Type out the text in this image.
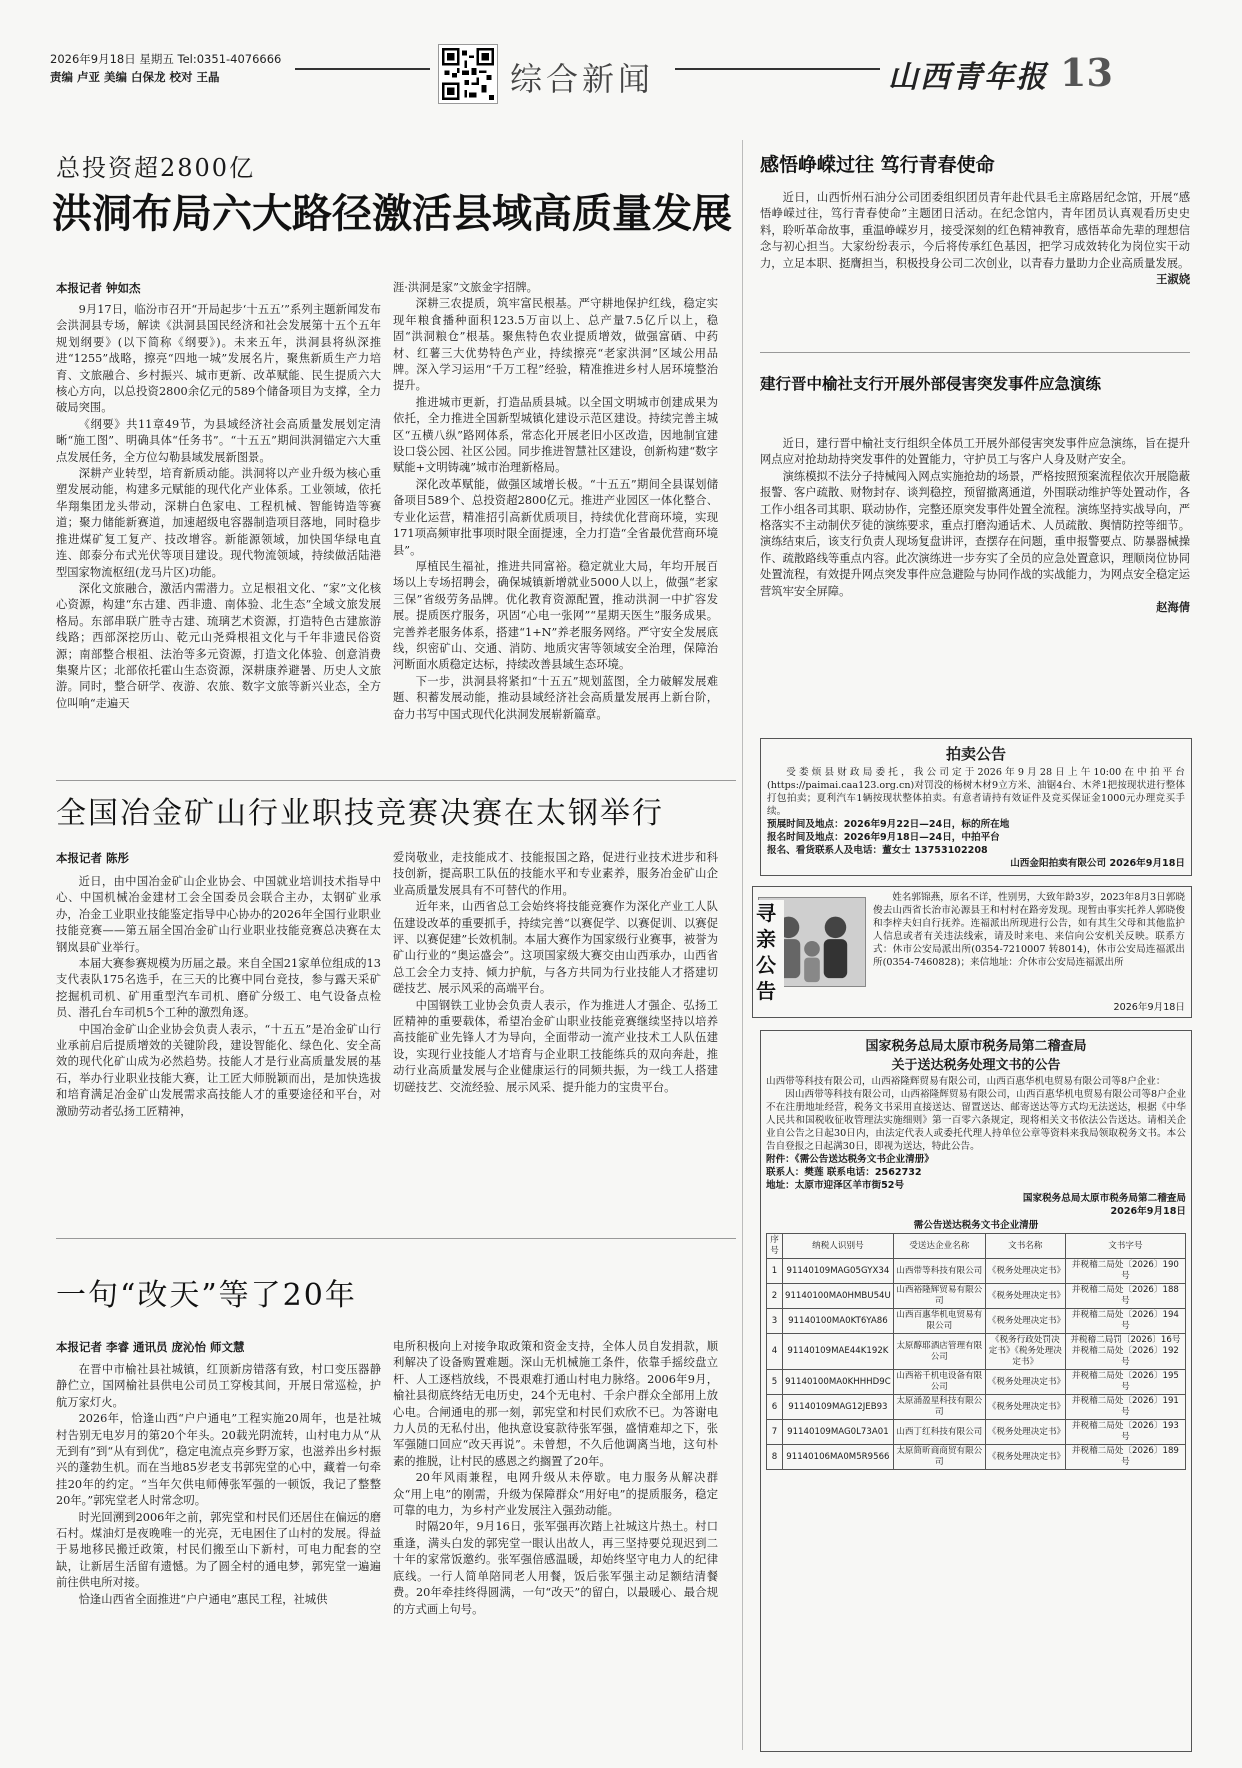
2026年9月18日 星期五 Tel:0351-4076666
责编 卢亚 美编 白保龙 校对 王晶	综合新闻	山西青年报 13
总投资超2800亿
洪洞布局六大路径激活县域高质量发展
本报记者 钟如杰

9月17日，临汾市召开“开局起步‘十五五’”系列主题新闻发布会洪洞县专场，解读《洪洞县国民经济和社会发展第十五个五年规划纲要》(以下简称《纲要》)。未来五年，洪洞县将纵深推进“1255”战略，擦亮“四地一城”发展名片，聚焦新质生产力培育、文旅融合、乡村振兴、城市更新、改革赋能、民生提质六大核心方向，以总投资2800余亿元的589个储备项目为支撑，全力破局突围。

《纲要》共11章49节，为县域经济社会高质量发展划定清晰“施工图”、明确具体“任务书”。“十五五”期间洪洞锚定六大重点发展任务，全方位勾勒县域发展新图景。

深耕产业转型，培育新质动能。洪洞将以产业升级为核心重塑发展动能，构建多元赋能的现代化产业体系。工业领域，依托华翔集团龙头带动，深耕白色家电、工程机械、智能铸造等赛道；聚力储能新赛道，加速超级电容器制造项目落地，同时稳步推进煤矿复工复产、技改增容。新能源领域，加快国华绿电直连、郎泰分布式光伏等项目建设。现代物流领域，持续做活陆港型国家物流枢纽(龙马片区)功能。

深化文旅融合，激活内需潜力。立足根祖文化、“家”文化核心资源，构建“东古建、西非遗、南体验、北生态”全域文旅发展格局。东部串联广胜寺古建、琉璃艺术资源，打造特色古建旅游线路；西部深挖历山、乾元山尧舜根祖文化与千年非遗民俗资源；南部整合根祖、法治等多元资源，打造文化体验、创意消费集聚片区；北部依托霍山生态资源，深耕康养避暑、历史人文旅游。同时，整合研学、夜游、农旅、数字文旅等新兴业态，全方位叫响“走遍天

涯·洪洞是家”文旅金字招牌。

深耕三农提质，筑牢富民根基。严守耕地保护红线，稳定实现年粮食播种面积123.5万亩以上、总产量7.5亿斤以上，稳固“洪洞粮仓”根基。聚焦特色农业提质增效，做强富硒、中药材、红薯三大优势特色产业，持续擦亮“老家洪洞”区域公用品牌。深入学习运用“千万工程”经验，精准推进乡村人居环境整治提升。

推进城市更新，打造品质县城。以全国文明城市创建成果为依托，全力推进全国新型城镇化建设示范区建设。持续完善主城区“五横八纵”路网体系，常态化开展老旧小区改造，因地制宜建设口袋公园、社区公园。同步推进智慧社区建设，创新构建“数字赋能+文明铸魂”城市治理新格局。

深化改革赋能，做强区域增长极。“十五五”期间全县谋划储备项目589个、总投资超2800亿元。推进产业园区一体化整合、专业化运营，精准招引高新优质项目，持续优化营商环境，实现171项高频审批事项时限全面提速，全力打造“全省最优营商环境县”。

厚植民生福祉，推进共同富裕。稳定就业大局，年均开展百场以上专场招聘会，确保城镇新增就业5000人以上，做强“老家三保”省级劳务品牌。优化教育资源配置，推动洪洞一中扩容发展。提质医疗服务，巩固“心电一张网”“星期天医生”服务成果。完善养老服务体系，搭建“1+N”养老服务网络。严守安全发展底线，织密矿山、交通、消防、地质灾害等领域安全治理，保障治河断面水质稳定达标，持续改善县域生态环境。

下一步，洪洞县将紧扣“十五五”规划蓝图，全力破解发展难题、积蓄发展动能，推动县域经济社会高质量发展再上新台阶，奋力书写中国式现代化洪洞发展崭新篇章。

全国冶金矿山行业职技竞赛决赛在太钢举行
本报记者 陈彤

近日，由中国冶金矿山企业协会、中国就业培训技术指导中心、中国机械冶金建材工会全国委员会联合主办，太钢矿业承办，冶金工业职业技能鉴定指导中心协办的2026年全国行业职业技能竞赛——第五届全国冶金矿山行业职业技能竞赛总决赛在太钢岚县矿业举行。

本届大赛参赛规模为历届之最。来自全国21家单位组成的13支代表队175名选手，在三天的比赛中同台竞技，参与露天采矿挖掘机司机、矿用重型汽车司机、磨矿分级工、电气设备点检员、潜孔台车司机5个工种的激烈角逐。

中国冶金矿山企业协会负责人表示，“十五五”是冶金矿山行业承前启后提质增效的关键阶段，建设智能化、绿色化、安全高效的现代化矿山成为必然趋势。技能人才是行业高质量发展的基石，举办行业职业技能大赛，让工匠大师脱颖而出，是加快选拔和培育满足冶金矿山发展需求高技能人才的重要途径和平台，对激励劳动者弘扬工匠精神，

爱岗敬业，走技能成才、技能报国之路，促进行业技术进步和科技创新，提高职工队伍的技能水平和专业素养，服务冶金矿山企业高质量发展具有不可替代的作用。

近年来，山西省总工会始终将技能竞赛作为深化产业工人队伍建设改革的重要抓手，持续完善“以赛促学、以赛促训、以赛促评、以赛促建”长效机制。本届大赛作为国家级行业赛事，被誉为矿山行业的“奥运盛会”。这项国家级大赛交由山西承办，山西省总工会全力支持、倾力护航，与各方共同为行业技能人才搭建切磋技艺、展示风采的高端平台。

中国钢铁工业协会负责人表示，作为推进人才强企、弘扬工匠精神的重要载体，希望冶金矿山职业技能竞赛继续坚持以培养高技能矿业先锋人才为导向，全面带动一流产业技术工人队伍建设，实现行业技能人才培育与企业职工技能练兵的双向奔赴，推动行业高质量发展与企业健康运行的同频共振，为一线工人搭建切磋技艺、交流经验、展示风采、提升能力的宝贵平台。

一句“改天”等了20年
本报记者 李睿 通讯员 庞沁怡 师文慧

在晋中市榆社县社城镇，红顶新房错落有致，村口变压器静静伫立，国网榆社县供电公司员工穿梭其间，开展日常巡检，护航万家灯火。

2026年，恰逢山西“户户通电”工程实施20周年，也是社城村告别无电岁月的第20个年头。20载光阴流转，山村电力从“从无到有”到“从有到优”，稳定电流点亮乡野万家，也滋养出乡村振兴的蓬勃生机。而在当地85岁老支书郭宪堂的心中，藏着一句牵挂20年的约定。“当年欠供电师傅张军强的一顿饭，我记了整整20年。”郭宪堂老人时常念叨。

时光回溯到2006年之前，郭宪堂和村民们还居住在偏远的磨石村。煤油灯是夜晚唯一的光亮，无电困住了山村的发展。得益于易地移民搬迁政策，村民们搬至山下新村，可电力配套的空缺，让新居生活留有遗憾。为了圆全村的通电梦，郭宪堂一遍遍前往供电所对接。

恰逢山西省全面推进“户户通电”惠民工程，社城供

电所积极向上对接争取政策和资金支持，全体人员自发捐款，顺利解决了设备购置难题。深山无机械施工条件，依靠手摇绞盘立杆、人工逐档放线，不畏艰难打通山村电力脉络。2006年9月，榆社县彻底终结无电历史，24个无电村、千余户群众全部用上放心电。合闸通电的那一刻，郭宪堂和村民们欢欣不已。为答谢电力人员的无私付出，他执意设宴款待张军强，盛情难却之下，张军强随口回应“改天再说”。未曾想，不久后他调离当地，这句朴素的推脱，让村民的感恩之约搁置了20年。

20年风雨兼程，电网升级从未停歇。电力服务从解决群众“用上电”的刚需，升级为保障群众“用好电”的提质服务，稳定可靠的电力，为乡村产业发展注入强劲动能。

时隔20年，9月16日，张军强再次踏上社城这片热土。村口重逢，满头白发的郭宪堂一眼认出故人，再三坚持要兑现迟到二十年的家常饭邀约。张军强倍感温暖，却始终坚守电力人的纪律底线。一行人简单陪同老人用餐，饭后张军强主动足额结清餐费。20年牵挂终得圆满，一句“改天”的留白，以最暖心、最合规的方式画上句号。

感悟峥嵘过往 笃行青春使命

近日，山西忻州石油分公司团委组织团员青年赴代县毛主席路居纪念馆，开展“感悟峥嵘过往，笃行青春使命”主题团日活动。在纪念馆内，青年团员认真观看历史史料，聆听革命故事，重温峥嵘岁月，接受深刻的红色精神教育，感悟革命先辈的理想信念与初心担当。大家纷纷表示，今后将传承红色基因，把学习成效转化为岗位实干动力，立足本职、挺膺担当，积极投身公司二次创业，以青春力量助力企业高质量发展。

王淑娆
建行晋中榆社支行开展外部侵害突发事件应急演练

近日，建行晋中榆社支行组织全体员工开展外部侵害突发事件应急演练，旨在提升网点应对抢劫劫持突发事件的处置能力，守护员工与客户人身及财产安全。

演练模拟不法分子持械闯入网点实施抢劫的场景，严格按照预案流程依次开展隐蔽报警、客户疏散、财物封存、谈判稳控，预留撤离通道，外围联动维护等处置动作，各工作小组各司其职、联动协作，完整还原突发事件处置全流程。演练坚持实战导向，严格落实不主动制伏歹徒的演练要求，重点打磨沟通话术、人员疏散、舆情防控等细节。演练结束后，该支行负责人现场复盘讲评，查摆存在问题，重申报警要点、防暴器械操作、疏散路线等重点内容。此次演练进一步夯实了全员的应急处置意识，理顺岗位协同处置流程，有效提升网点突发事件应急避险与协同作战的实战能力，为网点安全稳定运营筑牢安全屏障。

赵海倩
拍卖公告
受娄烦县财政局委托，我公司定于2026年9月28日上午10:00在中拍平台(https://paimai.caa123.org.cn)对罚没的杨树木材9立方米、油锯4台、木斧1把按现状进行整体打包拍卖；夏利汽车1辆按现状整体拍卖。有意者请持有效证件及竞买保证金1000元办理竞买手续。
预展时间及地点：2026年9月22日—24日，标的所在地
报名时间及地点：2026年9月18日—24日，中拍平台
报名、看货联系人及电话：董女士 13753102208
山西金阳拍卖有限公司 2026年9月18日
姓名郭锦燕，原名不详，性别男，大致年龄3岁，2023年8月3日郭晓俊去山西省长治市沁源县王和村村在路旁发现。现暂由事实托养人郭晓俊和李梓夫妇自行抚养。连福派出所现进行公告，如有其生父母和其他监护人信息或者有关违法线索，请及时来电、来信向公安机关反映。联系方式：休市公安局派出所(0354-7210007 转8014)，休市公安局连福派出所(0354-7460828)；来信地址：介休市公安局连福派出所
2026年9月18日
寻亲公告
国家税务总局太原市税务局第二稽查局
关于送达税务处理文书的公告
山西带等科技有限公司，山西裕隆辉贸易有限公司，山西百惠华机电贸易有限公司等8户企业：
因山西带等科技有限公司，山西裕隆辉贸易有限公司，山西百惠华机电贸易有限公司等8户企业不在注册地址经营，税务文书采用直接送达、留置送达、邮寄送达等方式均无法送达，根据《中华人民共和国税收征收管理法实施细则》第一百零六条规定，现将相关文书依法公告送达。请相关企业自公告之日起30日内，由法定代表人或委托代理人持单位公章等资料来我局领取税务文书。本公告自登报之日起满30日，即视为送达，特此公告。
附件：《需公告送达税务文书企业清册》
联系人：樊莲 联系电话：2562732
地址：太原市迎泽区羊市街52号
国家税务总局太原市税务局第二稽查局
2026年9月18日
需公告送达税务文书企业清册
序号	纳税人识别号	受送达企业名称	文书名称	文书字号
1	91140109MAG05GYX34	山西带等科技有限公司	《税务处理决定书》	并税稽二局处〔2026〕190号
2	91140100MA0HMBU54U	山西裕隆辉贸易有限公司	《税务处理决定书》	并税稽二局处〔2026〕188号
3	91140100MA0KT6YA86	山西百惠华机电贸易有限公司	《税务处理决定书》	并税稽二局处〔2026〕194号
4	91140109MAE44K192K	太原醇耶酒店管理有限公司	《税务行政处罚决定书》《税务处理决定书》	并税稽二局罚〔2026〕16号 并税稽二局处〔2026〕192号
5	91140100MA0KHHHD9C	山西裕千机电设备有限公司	《税务处理决定书》	并税稽二局处〔2026〕195号
6	91140109MAG12JEB93	太原涌盈星科技有限公司	《税务处理决定书》	并税稽二局处〔2026〕191号
7	91140109MAG0L73A01	山西丁红科技有限公司	《税务处理决定书》	并税稽二局处〔2026〕193号
8	91140106MA0M5R9566	太原简昕商商贸有限公司	《税务处理决定书》	并税稽二局处〔2026〕189号
